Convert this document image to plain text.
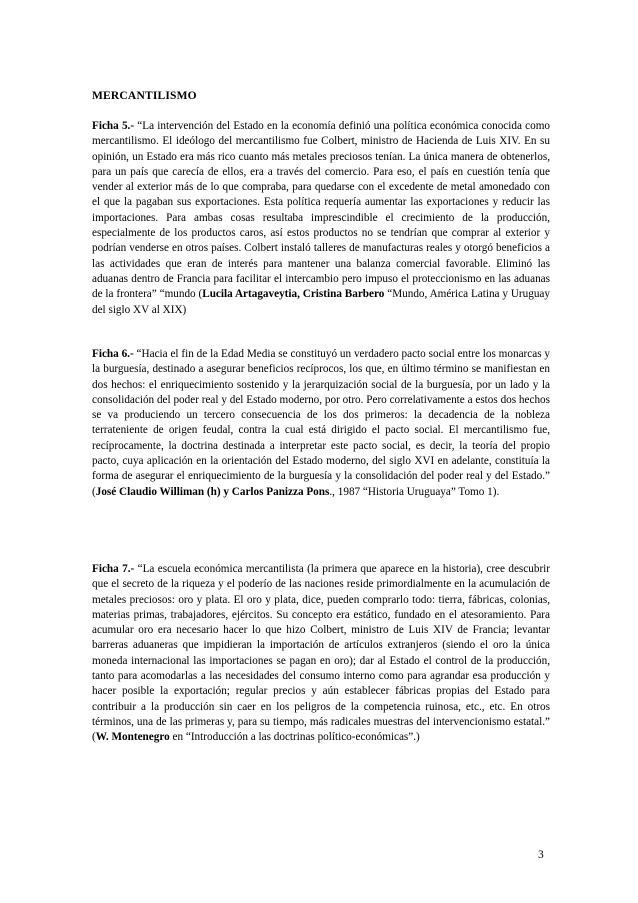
MERCANTILISMO
Ficha 5.- “La intervención del Estado en la economía definió una política económica conocida como mercantilismo. El ideólogo del mercantilismo fue Colbert, ministro de Hacienda de Luis XIV. En su opinión, un Estado era más rico cuanto más metales preciosos tenían. La única manera de obtenerlos, para un país que carecía de ellos, era a través del comercio. Para eso, el país en cuestión tenía que vender al exterior más de lo que compraba, para quedarse con el excedente de metal amonedado con el que la pagaban sus exportaciones. Esta política requería aumentar las exportaciones y reducir las importaciones. Para ambas cosas resultaba imprescindible el crecimiento de la producción, especialmente de los productos caros, así estos productos no se tendrían que comprar al exterior y podrían venderse en otros países. Colbert instaló talleres de manufacturas reales y otorgó beneficios a las actividades que eran de interés para mantener una balanza comercial favorable. Eliminó las aduanas dentro de Francia para facilitar el intercambio pero impuso el proteccionismo en las aduanas de la frontera” “mundo (Lucila Artagaveytia, Cristina Barbero “Mundo, América Latina y Uruguay del siglo XV al XIX)
Ficha 6.- “Hacia el fin de la Edad Media se constituyó un verdadero pacto social entre los monarcas y la burguesía, destinado a asegurar beneficios recíprocos, los que, en último término se manifiestan en dos hechos: el enriquecimiento sostenido y la jerarquización social de la burguesía, por un lado y la consolidación del poder real y del Estado moderno, por otro. Pero correlativamente a estos dos hechos se va produciendo un tercero consecuencia de los dos primeros: la decadencia de la nobleza terrateniente de origen feudal, contra la cual está dirigido el pacto social. El mercantilismo fue, recíprocamente, la doctrina destinada a interpretar este pacto social, es decir, la teoría del propio pacto, cuya aplicación en la orientación del Estado moderno, del siglo XVI en adelante, constituía la forma de asegurar el enriquecimiento de la burguesía y la consolidación del poder real y del Estado.” (José Claudio Williman (h) y Carlos Panizza Pons., 1987 “Historia Uruguaya” Tomo 1).
Ficha 7.- “La escuela económica mercantilista (la primera que aparece en la historia), cree descubrir que el secreto de la riqueza y el poderío de las naciones reside primordialmente en la acumulación de metales preciosos: oro y plata. El oro y plata, dice, pueden comprarlo todo: tierra, fábricas, colonias, materias primas, trabajadores, ejércitos. Su concepto era estático, fundado en el atesoramiento. Para acumular oro era necesario hacer lo que hizo Colbert, ministro de Luis XIV de Francia; levantar barreras aduaneras que impidieran la importación de artículos extranjeros (siendo el oro la única moneda internacional las importaciones se pagan en oro); dar al Estado el control de la producción, tanto para acomodarlas a las necesidades del consumo interno como para agrandar esa producción y hacer posible la exportación; regular precios y aún establecer fábricas propias del Estado para contribuir a la producción sin caer en los peligros de la competencia ruinosa, etc., etc. En otros términos, una de las primeras y, para su tiempo, más radicales muestras del intervencionismo estatal.” (W. Montenegro en “Introducción a las doctrinas político-económicas”.)
3
